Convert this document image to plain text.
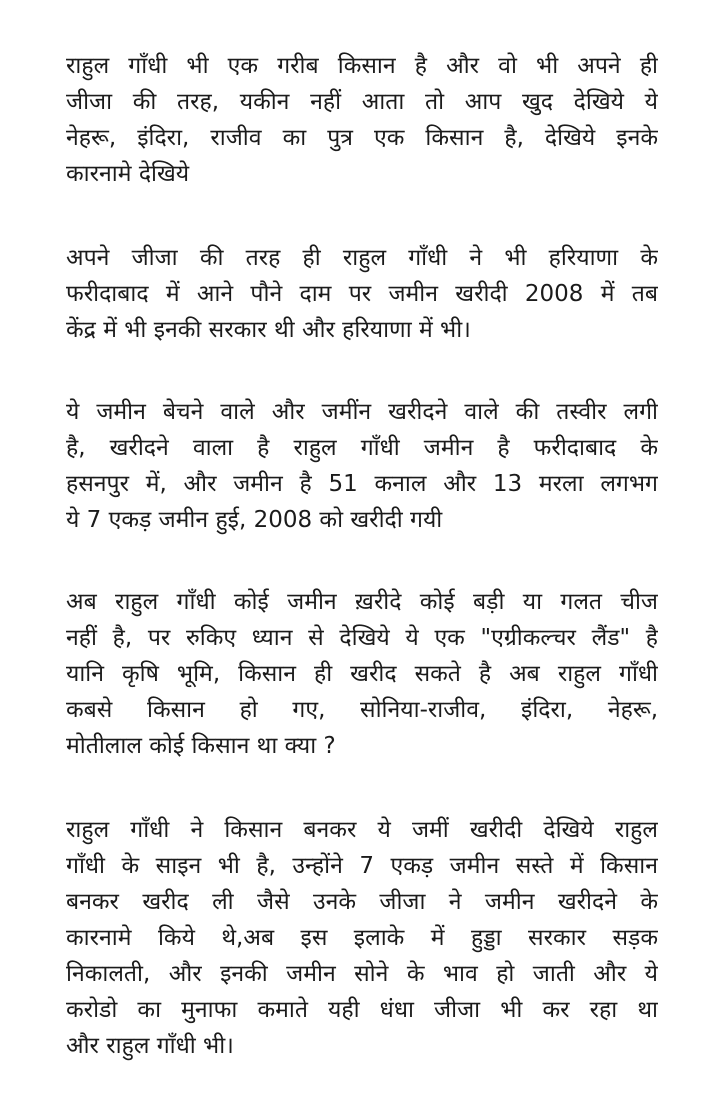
राहुल गाँधी भी एक गरीब किसान है और वो भी अपने ही
जीजा की तरह, यकीन नहीं आता तो आप खुद देखिये ये
नेहरू, इंदिरा, राजीव का पुत्र एक किसान है, देखिये इनके
कारनामे देखिये
अपने जीजा की तरह ही राहुल गाँधी ने भी हरियाणा के
फरीदाबाद में आने पौने दाम पर जमीन खरीदी 2008 में तब
केंद्र में भी इनकी सरकार थी और हरियाणा में भी।
ये जमीन बेचने वाले और जमींन खरीदने वाले की तस्वीर लगी
है, खरीदने वाला है राहुल गाँधी जमीन है फरीदाबाद के
हसनपुर में, और जमीन है 51 कनाल और 13 मरला लगभग
ये 7 एकड़ जमीन हुई, 2008 को खरीदी गयी
अब राहुल गाँधी कोई जमीन ख़रीदे कोई बड़ी या गलत चीज
नहीं है, पर रुकिए ध्यान से देखिये ये एक "एग्रीकल्चर लैंड" है
यानि कृषि भूमि, किसान ही खरीद सकते है अब राहुल गाँधी
कबसे किसान हो गए, सोनिया-राजीव, इंदिरा, नेहरू,
मोतीलाल कोई किसान था क्या ?
राहुल गाँधी ने किसान बनकर ये जमीं खरीदी देखिये राहुल
गाँधी के साइन भी है, उन्होंने 7 एकड़ जमीन सस्ते में किसान
बनकर खरीद ली जैसे उनके जीजा ने जमीन खरीदने के
कारनामे किये थे,अब इस इलाके में हुड्डा सरकार सड़क
निकालती, और इनकी जमीन सोने के भाव हो जाती और ये
करोडो का मुनाफा कमाते यही धंधा जीजा भी कर रहा था
और राहुल गाँधी भी।
